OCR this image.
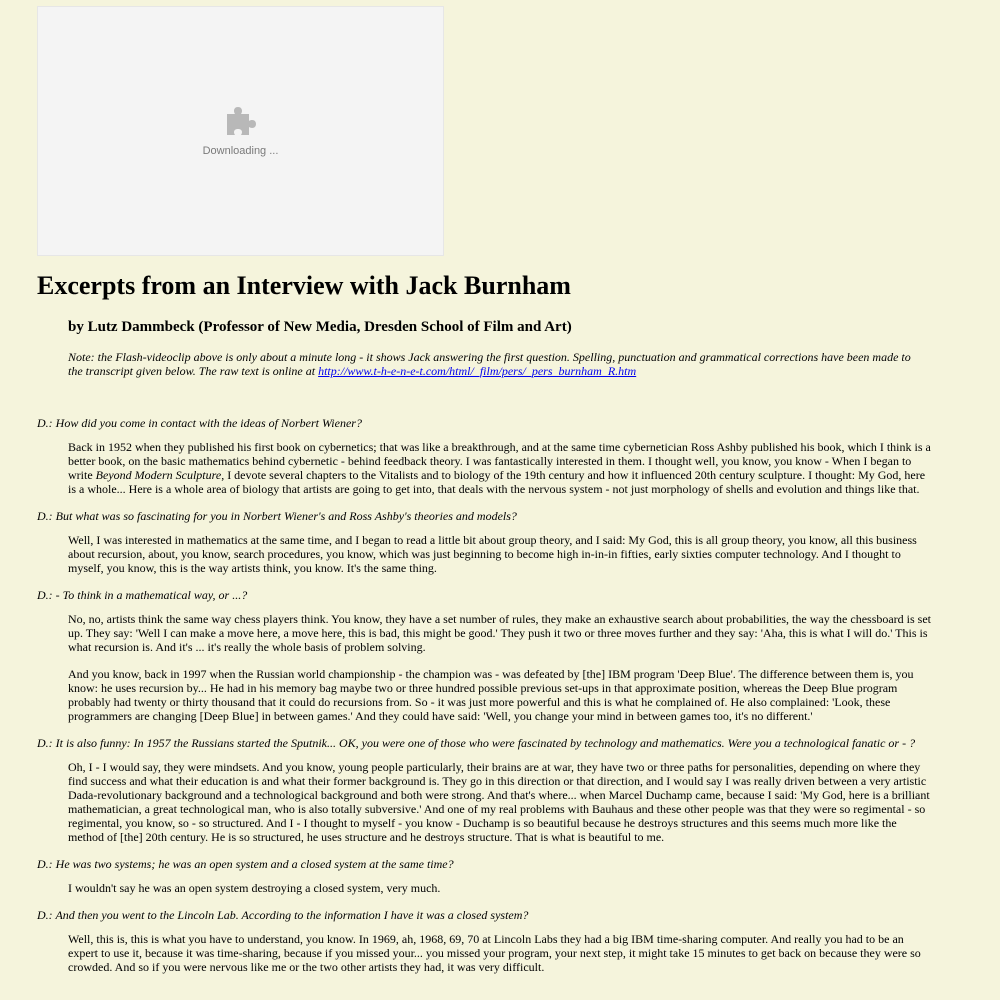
Downloading ...
Excerpts from an Interview with Jack Burnham

by Lutz Dammbeck (Professor of New Media, Dresden School of Film and Art)

Note: the Flash-videoclip above is only about a minute long - it shows Jack answering the first question. Spelling, punctuation and grammatical corrections have been made to the transcript given below. The raw text is online at http://www.t-h-e-n-e-t.com/html/_film/pers/_pers_burnham_R.htm

D.: How did you come in contact with the ideas of Norbert Wiener?

Back in 1952 when they published his first book on cybernetics; that was like a breakthrough, and at the same time cybernetician Ross Ashby published his book, which I think is a better book, on the basic mathematics behind cybernetic - behind feedback theory. I was fantastically interested in them. I thought well, you know, you know - When I began to write Beyond Modern Sculpture, I devote several chapters to the Vitalists and to biology of the 19th century and how it influenced 20th century sculpture. I thought: My God, here is a whole... Here is a whole area of biology that artists are going to get into, that deals with the nervous system - not just morphology of shells and evolution and things like that.

D.: But what was so fascinating for you in Norbert Wiener's and Ross Ashby's theories and models?

Well, I was interested in mathematics at the same time, and I began to read a little bit about group theory, and I said: My God, this is all group theory, you know, all this business about recursion, about, you know, search procedures, you know, which was just beginning to become high in-in-in fifties, early sixties computer technology. And I thought to myself, you know, this is the way artists think, you know. It's the same thing.

D.: - To think in a mathematical way, or ...?

No, no, artists think the same way chess players think. You know, they have a set number of rules, they make an exhaustive search about probabilities, the way the chessboard is set up. They say: 'Well I can make a move here, a move here, this is bad, this might be good.' They push it two or three moves further and they say: 'Aha, this is what I will do.' This is what recursion is. And it's ... it's really the whole basis of problem solving.

And you know, back in 1997 when the Russian world championship - the champion was - was defeated by [the] IBM program 'Deep Blue'. The difference between them is, you know: he uses recursion by... He had in his memory bag maybe two or three hundred possible previous set-ups in that approximate position, whereas the Deep Blue program probably had twenty or thirty thousand that it could do recursions from. So - it was just more powerful and this is what he complained of. He also complained: 'Look, these programmers are changing [Deep Blue] in between games.' And they could have said: 'Well, you change your mind in between games too, it's no different.'

D.: It is also funny: In 1957 the Russians started the Sputnik... OK, you were one of those who were fascinated by technology and mathematics. Were you a technological fanatic or - ?

Oh, I - I would say, they were mindsets. And you know, young people particularly, their brains are at war, they have two or three paths for personalities, depending on where they find success and what their education is and what their former background is. They go in this direction or that direction, and I would say I was really driven between a very artistic Dada-revolutionary background and a technological background and both were strong. And that's where... when Marcel Duchamp came, because I said: 'My God, here is a brilliant mathematician, a great technological man, who is also totally subversive.' And one of my real problems with Bauhaus and these other people was that they were so regimental - so regimental, you know, so - so structured. And I - I thought to myself - you know - Duchamp is so beautiful because he destroys structures and this seems much more like the method of [the] 20th century. He is so structured, he uses structure and he destroys structure. That is what is beautiful to me.

D.: He was two systems; he was an open system and a closed system at the same time?

I wouldn't say he was an open system destroying a closed system, very much.

D.: And then you went to the Lincoln Lab. According to the information I have it was a closed system?

Well, this is, this is what you have to understand, you know. In 1969, ah, 1968, 69, 70 at Lincoln Labs they had a big IBM time-sharing computer. And really you had to be an expert to use it, because it was time-sharing, because if you missed your... you missed your program, your next step, it might take 15 minutes to get back on because they were so crowded. And so if you were nervous like me or the two other artists they had, it was very difficult.
